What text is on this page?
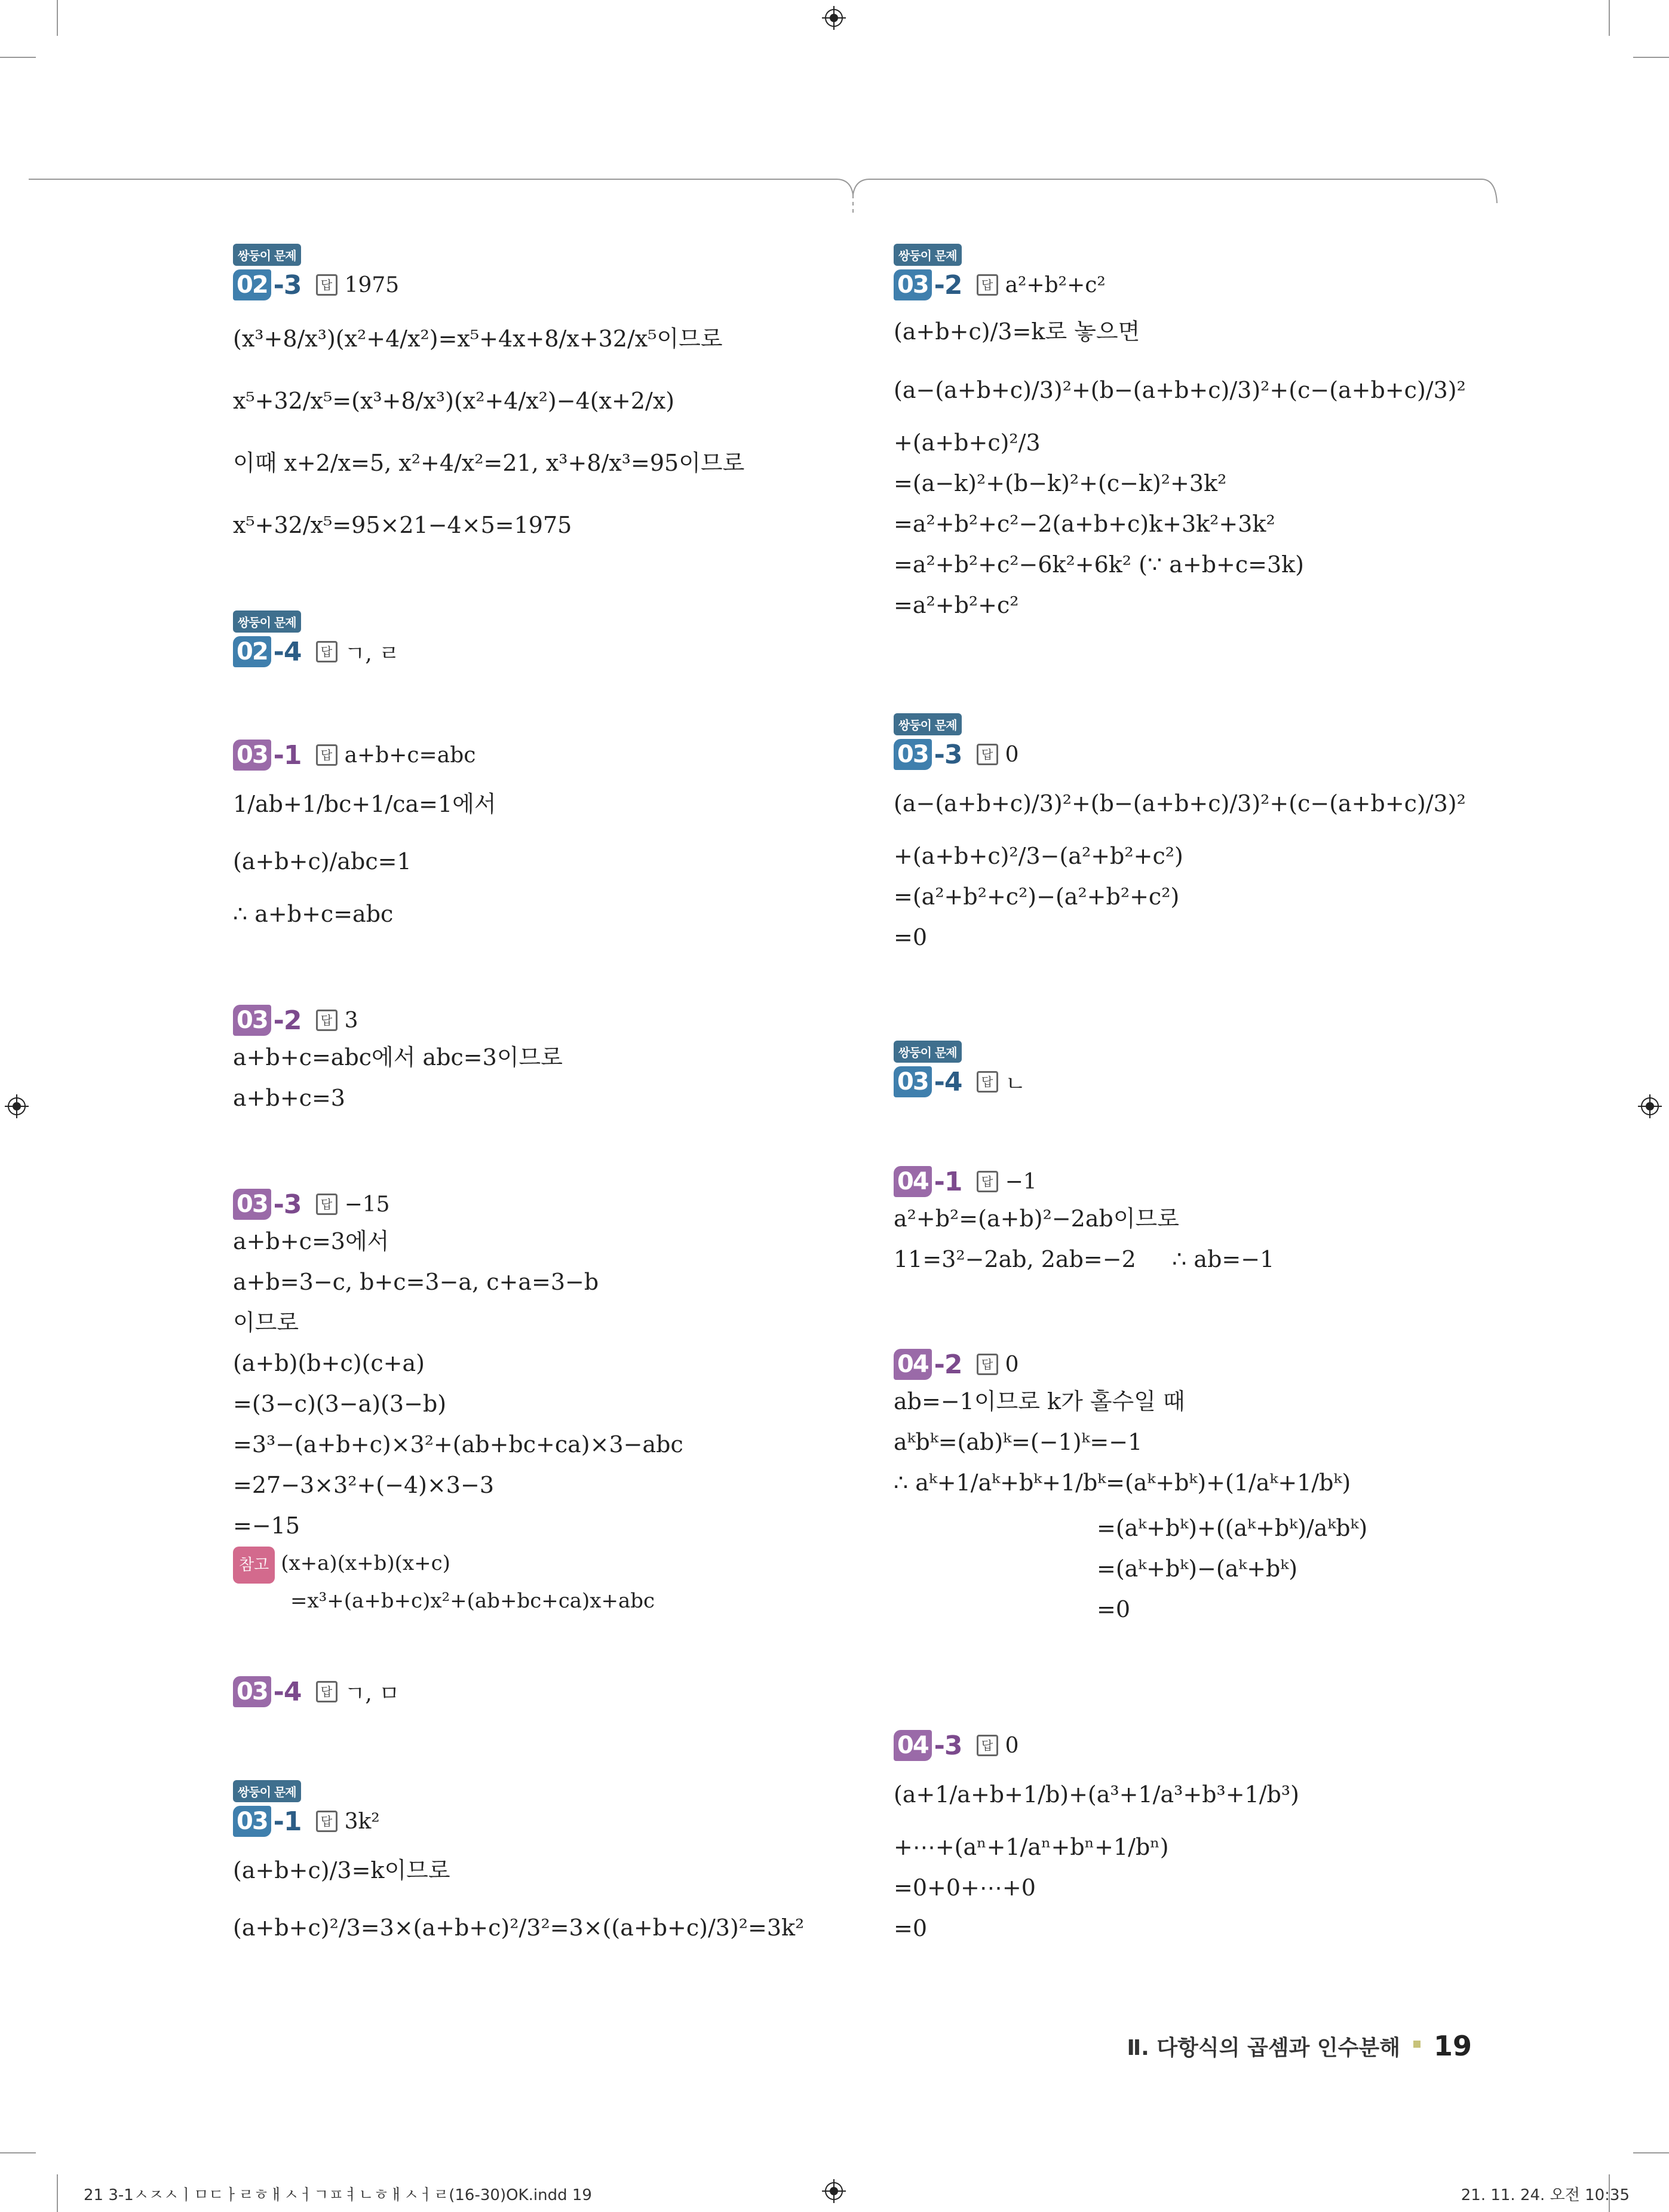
쌍둥이 문제
02 -3	답 1975
(x³+8/x³)(x²+4/x²)=x⁵+4x+8/x+32/x⁵이므로
x⁵+32/x⁵=(x³+8/x³)(x²+4/x²)−4(x+2/x)
이때 x+2/x=5, x²+4/x²=21, x³+8/x³=95이므로
x⁵+32/x⁵=95×21−4×5=1975
쌍둥이 문제
02 -4	답 ㄱ, ㄹ
03 -1	답 a+b+c=abc
1/ab+1/bc+1/ca=1에서
(a+b+c)/abc=1
∴ a+b+c=abc
03 -2	답 3
a+b+c=abc에서 abc=3이므로
a+b+c=3
03 -3	답 −15
a+b+c=3에서
a+b=3−c, b+c=3−a, c+a=3−b
이므로
(a+b)(b+c)(c+a)
=(3−c)(3−a)(3−b)
=3³−(a+b+c)×3²+(ab+bc+ca)×3−abc
=27−3×3²+(−4)×3−3
=−15
참고 (x+a)(x+b)(x+c)
=x³+(a+b+c)x²+(ab+bc+ca)x+abc
03 -4	답 ㄱ, ㅁ
쌍둥이 문제
03 -1	답 3k²
(a+b+c)/3=k이므로
(a+b+c)²/3=3×(a+b+c)²/3²=3×((a+b+c)/3)²=3k²
쌍둥이 문제
03 -2	답 a²+b²+c²
(a+b+c)/3=k로 놓으면
(a−(a+b+c)/3)²+(b−(a+b+c)/3)²+(c−(a+b+c)/3)²
+(a+b+c)²/3
=(a−k)²+(b−k)²+(c−k)²+3k²
=a²+b²+c²−2(a+b+c)k+3k²+3k²
=a²+b²+c²−6k²+6k² (∵ a+b+c=3k)
=a²+b²+c²
쌍둥이 문제
03 -3	답 0
(a−(a+b+c)/3)²+(b−(a+b+c)/3)²+(c−(a+b+c)/3)²
+(a+b+c)²/3−(a²+b²+c²)
=(a²+b²+c²)−(a²+b²+c²)
=0
쌍둥이 문제
03 -4	답 ㄴ
04 -1	답 −1
a²+b²=(a+b)²−2ab이므로
11=3²−2ab, 2ab=−2     ∴ ab=−1
04 -2	답 0
ab=−1이므로 k가 홀수일 때
aᵏbᵏ=(ab)ᵏ=(−1)ᵏ=−1
∴ aᵏ+1/aᵏ+bᵏ+1/bᵏ=(aᵏ+bᵏ)+(1/aᵏ+1/bᵏ)
=(aᵏ+bᵏ)+((aᵏ+bᵏ)/aᵏbᵏ)
=(aᵏ+bᵏ)−(aᵏ+bᵏ)
=0
04 -3	답 0
(a+1/a+b+1/b)+(a³+1/a³+b³+1/b³)
+⋯+(aⁿ+1/aⁿ+bⁿ+1/bⁿ)
=0+0+⋯+0
=0
Ⅱ. 다항식의 곱셈과 인수분해 19
21 3-1ㅅㅈㅅㅣㅁㄷㅏㄹㅎㅐㅅㅓㄱㅍㅕㄴㅎㅐㅅㅓㄹ(16-30)OK.indd 19	21. 11. 24. 오전 10:35
